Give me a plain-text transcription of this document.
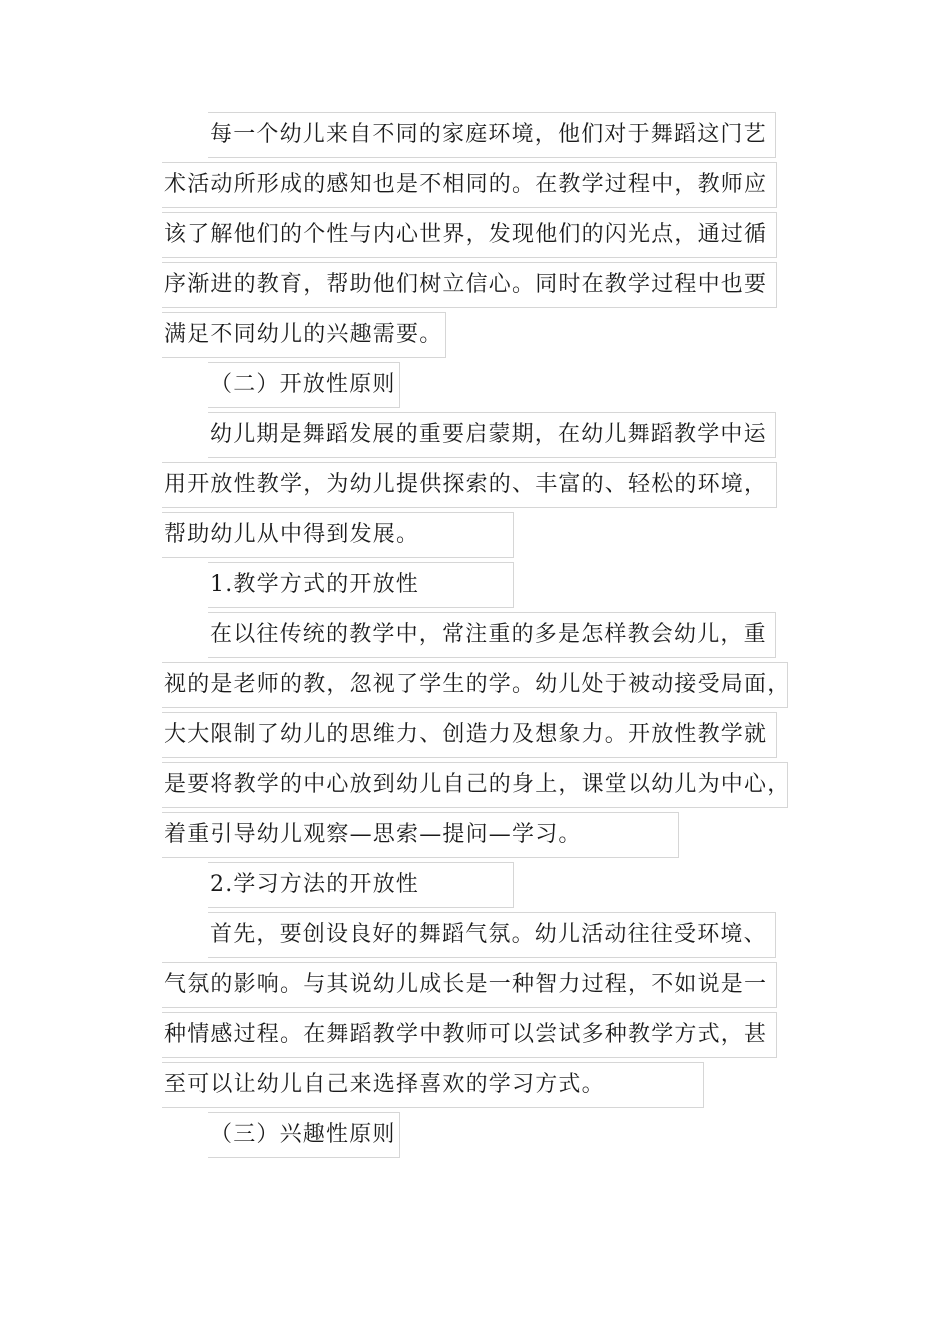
每一个幼儿来自不同的家庭环境，他们对于舞蹈这门艺
术活动所形成的感知也是不相同的。在教学过程中，教师应
该了解他们的个性与内心世界，发现他们的闪光点，通过循
序渐进的教育，帮助他们树立信心。同时在教学过程中也要
满足不同幼儿的兴趣需要。
（二）开放性原则
幼儿期是舞蹈发展的重要启蒙期，在幼儿舞蹈教学中运
用开放性教学，为幼儿提供探索的、丰富的、轻松的环境，
帮助幼儿从中得到发展。
1.教学方式的开放性
在以往传统的教学中，常注重的多是怎样教会幼儿，重
视的是老师的教，忽视了学生的学。幼儿处于被动接受局面，
大大限制了幼儿的思维力、创造力及想象力。开放性教学就
是要将教学的中心放到幼儿自己的身上，课堂以幼儿为中心，
着重引导幼儿观察—思索—提问—学习。
2.学习方法的开放性
首先，要创设良好的舞蹈气氛。幼儿活动往往受环境、
气氛的影响。与其说幼儿成长是一种智力过程，不如说是一
种情感过程。在舞蹈教学中教师可以尝试多种教学方式，甚
至可以让幼儿自己来选择喜欢的学习方式。
（三）兴趣性原则
